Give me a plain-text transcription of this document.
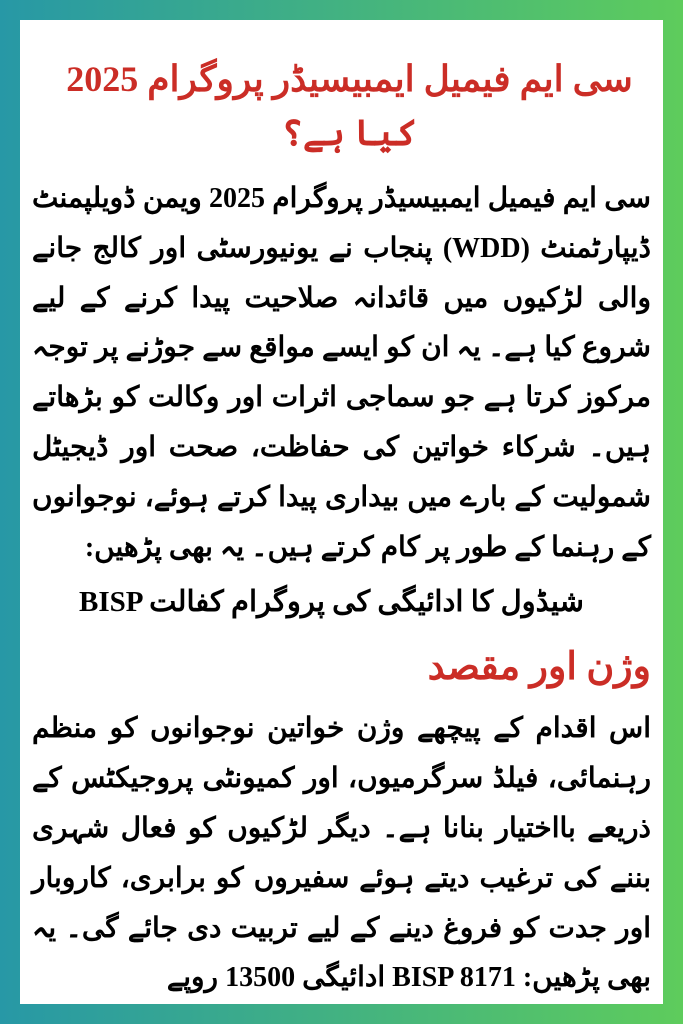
سی ایم فیمیل ایمبیسیڈر پروگرام 2025 کیا ہے؟

سی ایم فیمیل ایمبیسیڈر پروگرام 2025 ویمن ڈویلپمنٹ ڈیپارٹمنٹ (WDD) پنجاب نے یونیورسٹی اور کالج جانے والی لڑکیوں میں قائدانہ صلاحیت پیدا کرنے کے لیے شروع کیا ہے۔ یہ ان کو ایسے مواقع سے جوڑنے پر توجہ مرکوز کرتا ہے جو سماجی اثرات اور وکالت کو بڑھاتے ہیں۔ شرکاء خواتین کی حفاظت، صحت اور ڈیجیٹل شمولیت کے بارے میں بیداری پیدا کرتے ہوئے، نوجوانوں کے رہنما کے طور پر کام کرتے ہیں۔ یہ بھی پڑھیں:

BISP کفالت‎ پروگرام‎ کی‎ ادائیگی‎ کا‎ شیڈول
وژن اور مقصد

اس اقدام کے پیچھے وژن خواتین نوجوانوں کو منظم رہنمائی، فیلڈ سرگرمیوں، اور کمیونٹی پروجیکٹس کے ذریعے بااختیار بنانا ہے۔ دیگر لڑکیوں کو فعال شہری بننے کی ترغیب دیتے ہوئے سفیروں کو برابری، کاروبار اور جدت کو فروغ دینے کے لیے تربیت دی جائے گی۔ یہ بھی پڑھیں: BISP 8171 ادائیگی 13500 روپے
